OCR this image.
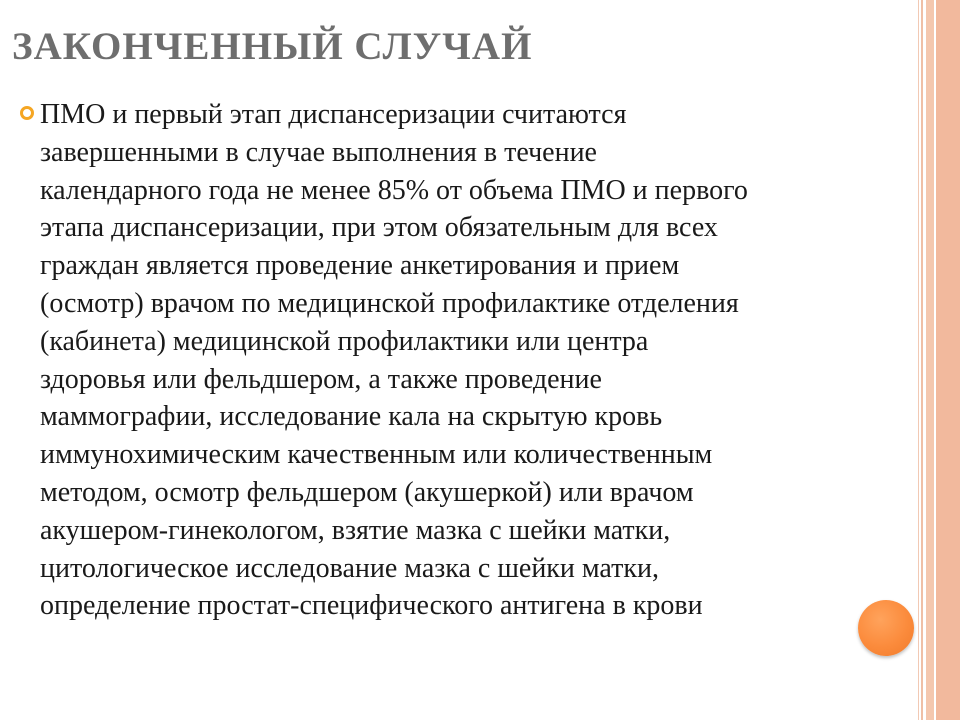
ЗАКОНЧЕННЫЙ СЛУЧАЙ

ПМО и первый этап диспансеризации считаются
завершенными в случае выполнения в течение
календарного года не менее 85% от объема ПМО и первого
этапа диспансеризации, при этом обязательным для всех
граждан является проведение анкетирования и прием
(осмотр) врачом по медицинской профилактике отделения
(кабинета) медицинской профилактики или центра
здоровья или фельдшером, а также проведение
маммографии, исследование кала на скрытую кровь
иммунохимическим качественным или количественным
методом, осмотр фельдшером (акушеркой) или врачом
акушером-гинекологом, взятие мазка с шейки матки,
цитологическое исследование мазка с шейки матки,
определение простат-специфического антигена в крови
